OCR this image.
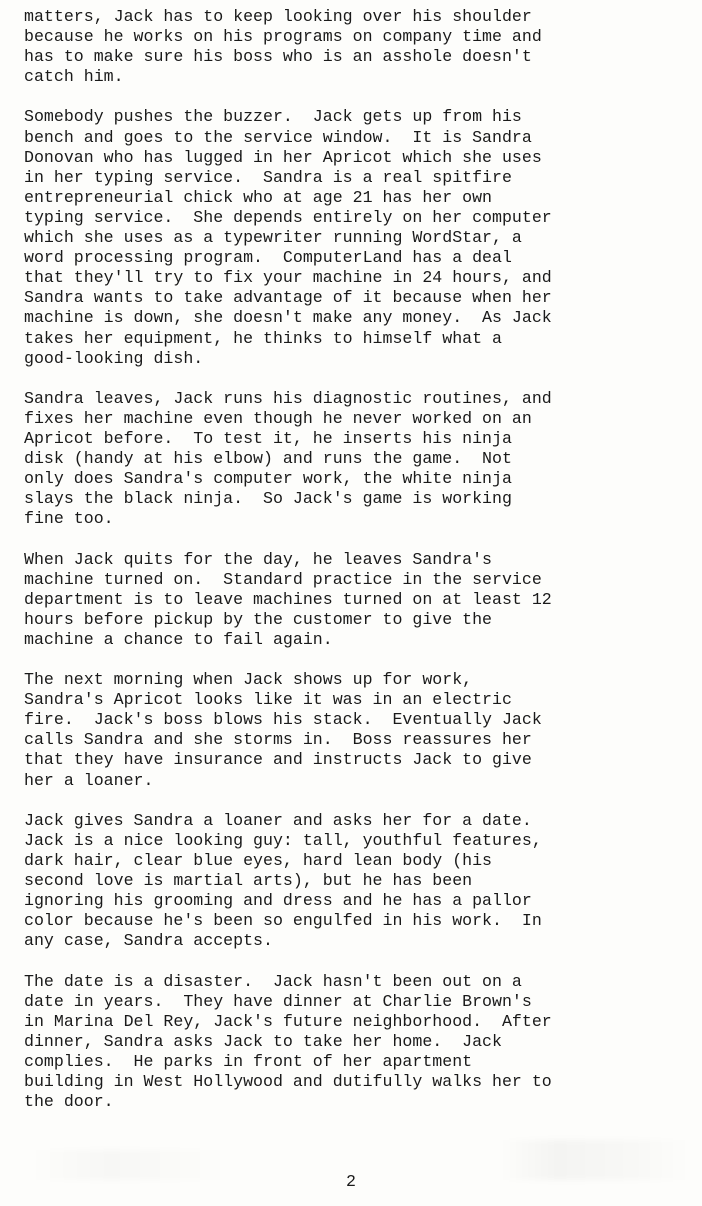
matters, Jack has to keep looking over his shoulder
because he works on his programs on company time and
has to make sure his boss who is an asshole doesn't
catch him.
Somebody pushes the buzzer.  Jack gets up from his
bench and goes to the service window.  It is Sandra
Donovan who has lugged in her Apricot which she uses
in her typing service.  Sandra is a real spitfire
entrepreneurial chick who at age 21 has her own
typing service.  She depends entirely on her computer
which she uses as a typewriter running WordStar, a
word processing program.  ComputerLand has a deal
that they'll try to fix your machine in 24 hours, and
Sandra wants to take advantage of it because when her
machine is down, she doesn't make any money.  As Jack
takes her equipment, he thinks to himself what a
good-looking dish.
Sandra leaves, Jack runs his diagnostic routines, and
fixes her machine even though he never worked on an
Apricot before.  To test it, he inserts his ninja
disk (handy at his elbow) and runs the game.  Not
only does Sandra's computer work, the white ninja
slays the black ninja.  So Jack's game is working
fine too.
When Jack quits for the day, he leaves Sandra's
machine turned on.  Standard practice in the service
department is to leave machines turned on at least 12
hours before pickup by the customer to give the
machine a chance to fail again.
The next morning when Jack shows up for work,
Sandra's Apricot looks like it was in an electric
fire.  Jack's boss blows his stack.  Eventually Jack
calls Sandra and she storms in.  Boss reassures her
that they have insurance and instructs Jack to give
her a loaner.
Jack gives Sandra a loaner and asks her for a date.
Jack is a nice looking guy: tall, youthful features,
dark hair, clear blue eyes, hard lean body (his
second love is martial arts), but he has been
ignoring his grooming and dress and he has a pallor
color because he's been so engulfed in his work.  In
any case, Sandra accepts.
The date is a disaster.  Jack hasn't been out on a
date in years.  They have dinner at Charlie Brown's
in Marina Del Rey, Jack's future neighborhood.  After
dinner, Sandra asks Jack to take her home.  Jack
complies.  He parks in front of her apartment
building in West Hollywood and dutifully walks her to
the door.
2
